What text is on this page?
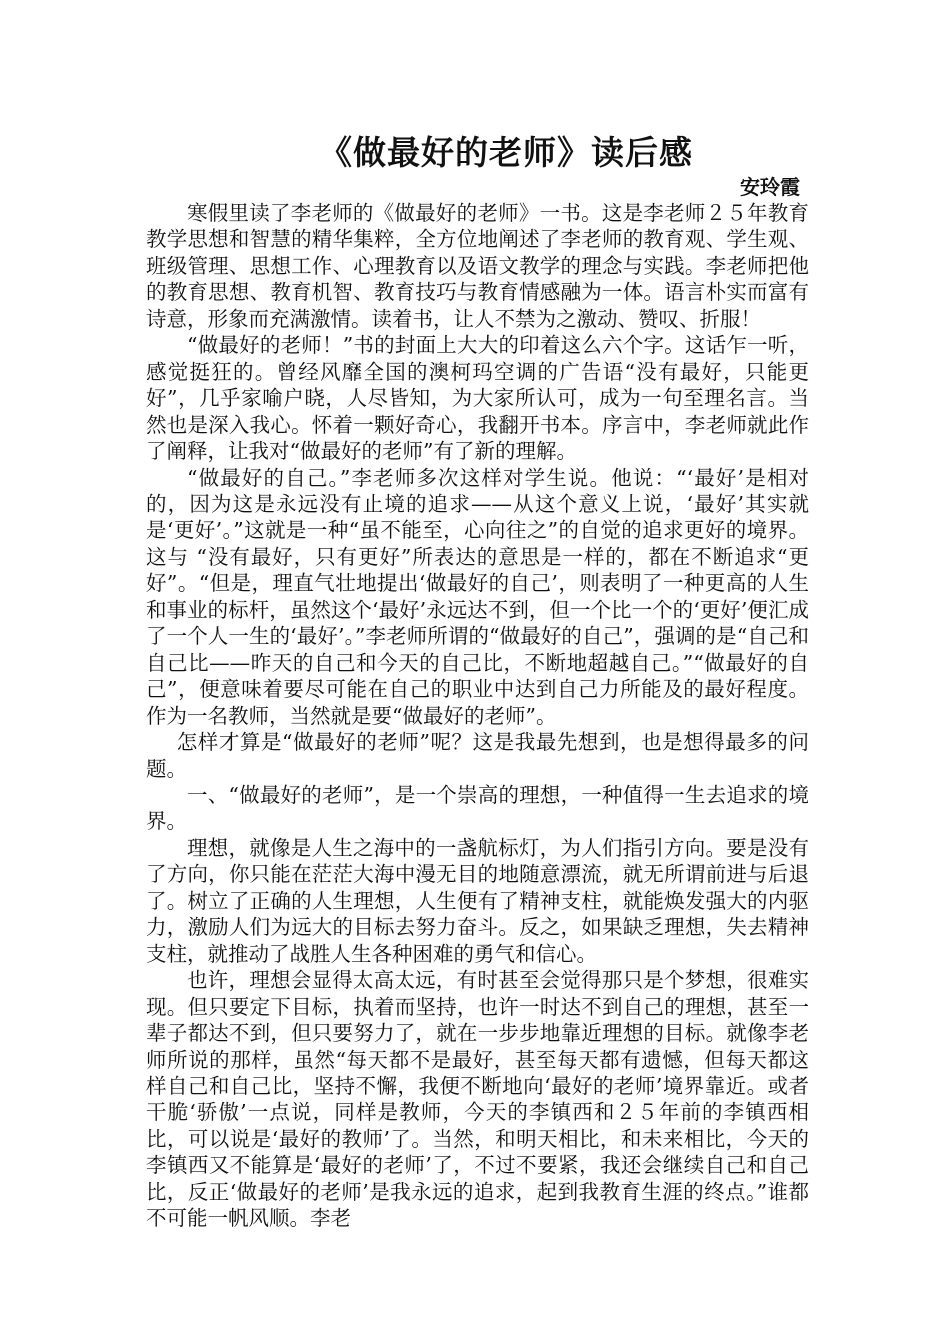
《做最好的老师》读后感
安玲霞

寒假里读了李老师的《做最好的老师》一书。这是李老师２５年教育教学思想和智慧的精华集粹，全方位地阐述了李老师的教育观、学生观、班级管理、思想工作、心理教育以及语文教学的理念与实践。李老师把他的教育思想、教育机智、教育技巧与教育情感融为一体。语言朴实而富有诗意，形象而充满激情。读着书，让人不禁为之激动、赞叹、折服！

“做最好的老师！”书的封面上大大的印着这么六个字。这话乍一听，感觉挺狂的。曾经风靡全国的澳柯玛空调的广告语“没有最好，只能更好”，几乎家喻户晓，人尽皆知，为大家所认可，成为一句至理名言。当然也是深入我心。怀着一颗好奇心，我翻开书本。序言中，李老师就此作了阐释，让我对“做最好的老师”有了新的理解。

“做最好的自己。”李老师多次这样对学生说。他说：“‘最好’是相对的，因为这是永远没有止境的追求——从这个意义上说，‘最好’其实就是‘更好’。”这就是一种“虽不能至，心向往之”的自觉的追求更好的境界。这与 “没有最好，只有更好”所表达的意思是一样的，都在不断追求“更好”。“但是，理直气壮地提出‘做最好的自己’，则表明了一种更高的人生和事业的标杆，虽然这个‘最好’永远达不到，但一个比一个的‘更好’便汇成了一个人一生的‘最好’。”李老师所谓的“做最好的自己”，强调的是“自己和自己比——昨天的自己和今天的自己比，不断地超越自己。”“做最好的自己”，便意味着要尽可能在自己的职业中达到自己力所能及的最好程度。作为一名教师，当然就是要“做最好的老师”。

怎样才算是“做最好的老师”呢？这是我最先想到，也是想得最多的问题。

一、“做最好的老师”，是一个崇高的理想，一种值得一生去追求的境界。

理想，就像是人生之海中的一盏航标灯，为人们指引方向。要是没有了方向，你只能在茫茫大海中漫无目的地随意漂流，就无所谓前进与后退了。树立了正确的人生理想，人生便有了精神支柱，就能焕发强大的内驱力，激励人们为远大的目标去努力奋斗。反之，如果缺乏理想，失去精神支柱，就推动了战胜人生各种困难的勇气和信心。

也许，理想会显得太高太远，有时甚至会觉得那只是个梦想，很难实现。但只要定下目标，执着而坚持，也许一时达不到自己的理想，甚至一辈子都达不到，但只要努力了，就在一步步地靠近理想的目标。就像李老师所说的那样，虽然“每天都不是最好，甚至每天都有遗憾，但每天都这样自己和自己比，坚持不懈，我便不断地向‘最好的老师’境界靠近。或者干脆‘骄傲’一点说，同样是教师，今天的李镇西和２５年前的李镇西相比，可以说是‘最好的教师’了。当然，和明天相比，和未来相比，今天的李镇西又不能算是‘最好的老师’了，不过不要紧，我还会继续自己和自己比，反正‘做最好的老师’是我永远的追求，起到我教育生涯的终点。”谁都不可能一帆风顺。李老
